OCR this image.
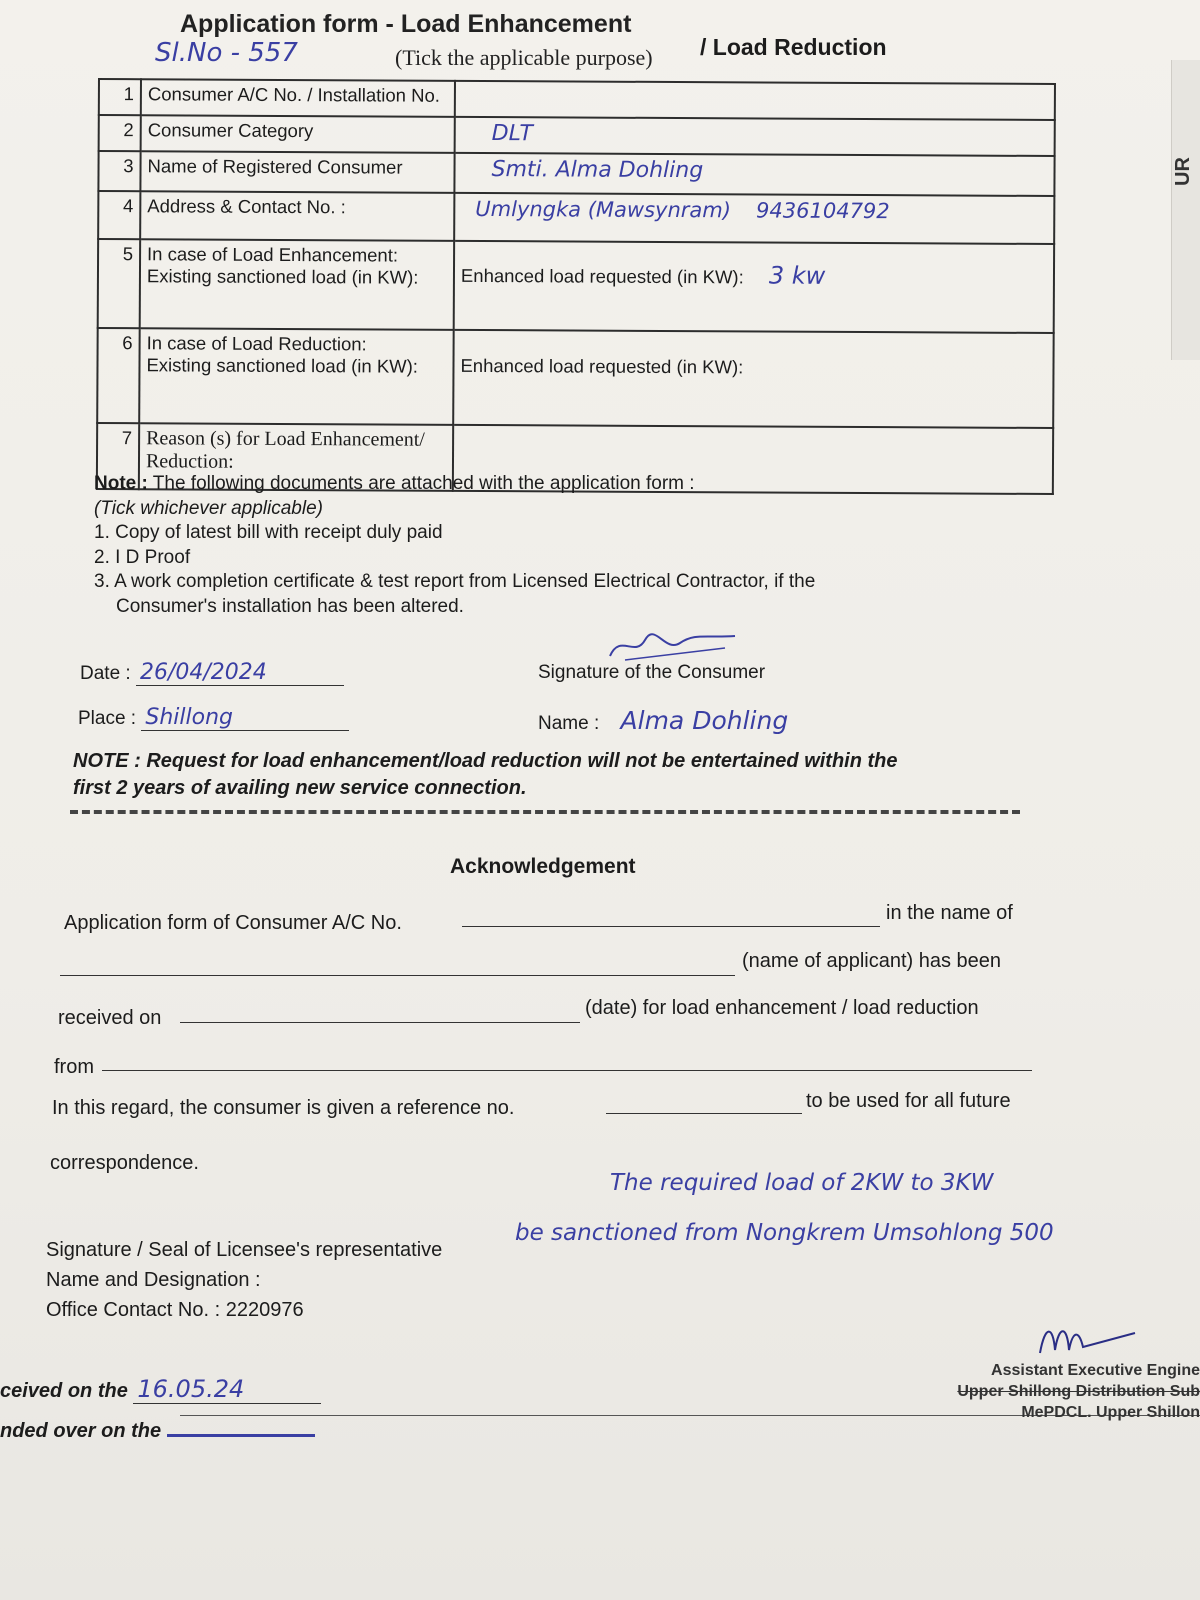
UR
Application form - Load Enhancement
/ Load Reduction
(Tick the applicable purpose)
Sl.No - 557
1	Consumer A/C No. / Installation No.	
2	Consumer Category	DLT
3	Name of Registered Consumer	Smti. Alma Dohling
4	Address & Contact No. :	Umlyngka (Mawsynram) 9436104792
5	In case of Load Enhancement:
Existing sanctioned load (in KW):	Enhanced load requested (in KW): 3 kw
6	In case of Load Reduction:
Existing sanctioned load (in KW):	Enhanced load requested (in KW):
7	Reason (s) for Load Enhancement/
Reduction:	

Note : The following documents are attached with the application form :
(Tick whichever applicable)
1. Copy of latest bill with receipt duly paid
2. I D Proof
3. A work completion certificate & test report from Licensed Electrical Contractor, if the
Consumer's installation has been altered.
Date : 26/04/2024
Place : Shillong
Signature of the Consumer
Name : Alma Dohling
NOTE : Request for load enhancement/load reduction will not be entertained within the
first 2 years of availing new service connection.
Acknowledgement
Application form of Consumer A/C No.	in the name of
(name of applicant) has been
received on	(date) for load enhancement / load reduction
from
In this regard, the consumer is given a reference no.	to be used for all future
correspondence.
The required load of 2KW to 3KW
be sanctioned from Nongkrem Umsohlong 500
Signature / Seal of Licensee's representative
Name and Designation :
Office Contact No. : 2220976
ceived on the 16.05.24
nded over on the
Assistant Executive Engine
Upper Shillong Distribution Sub
MePDCL. Upper Shillon
